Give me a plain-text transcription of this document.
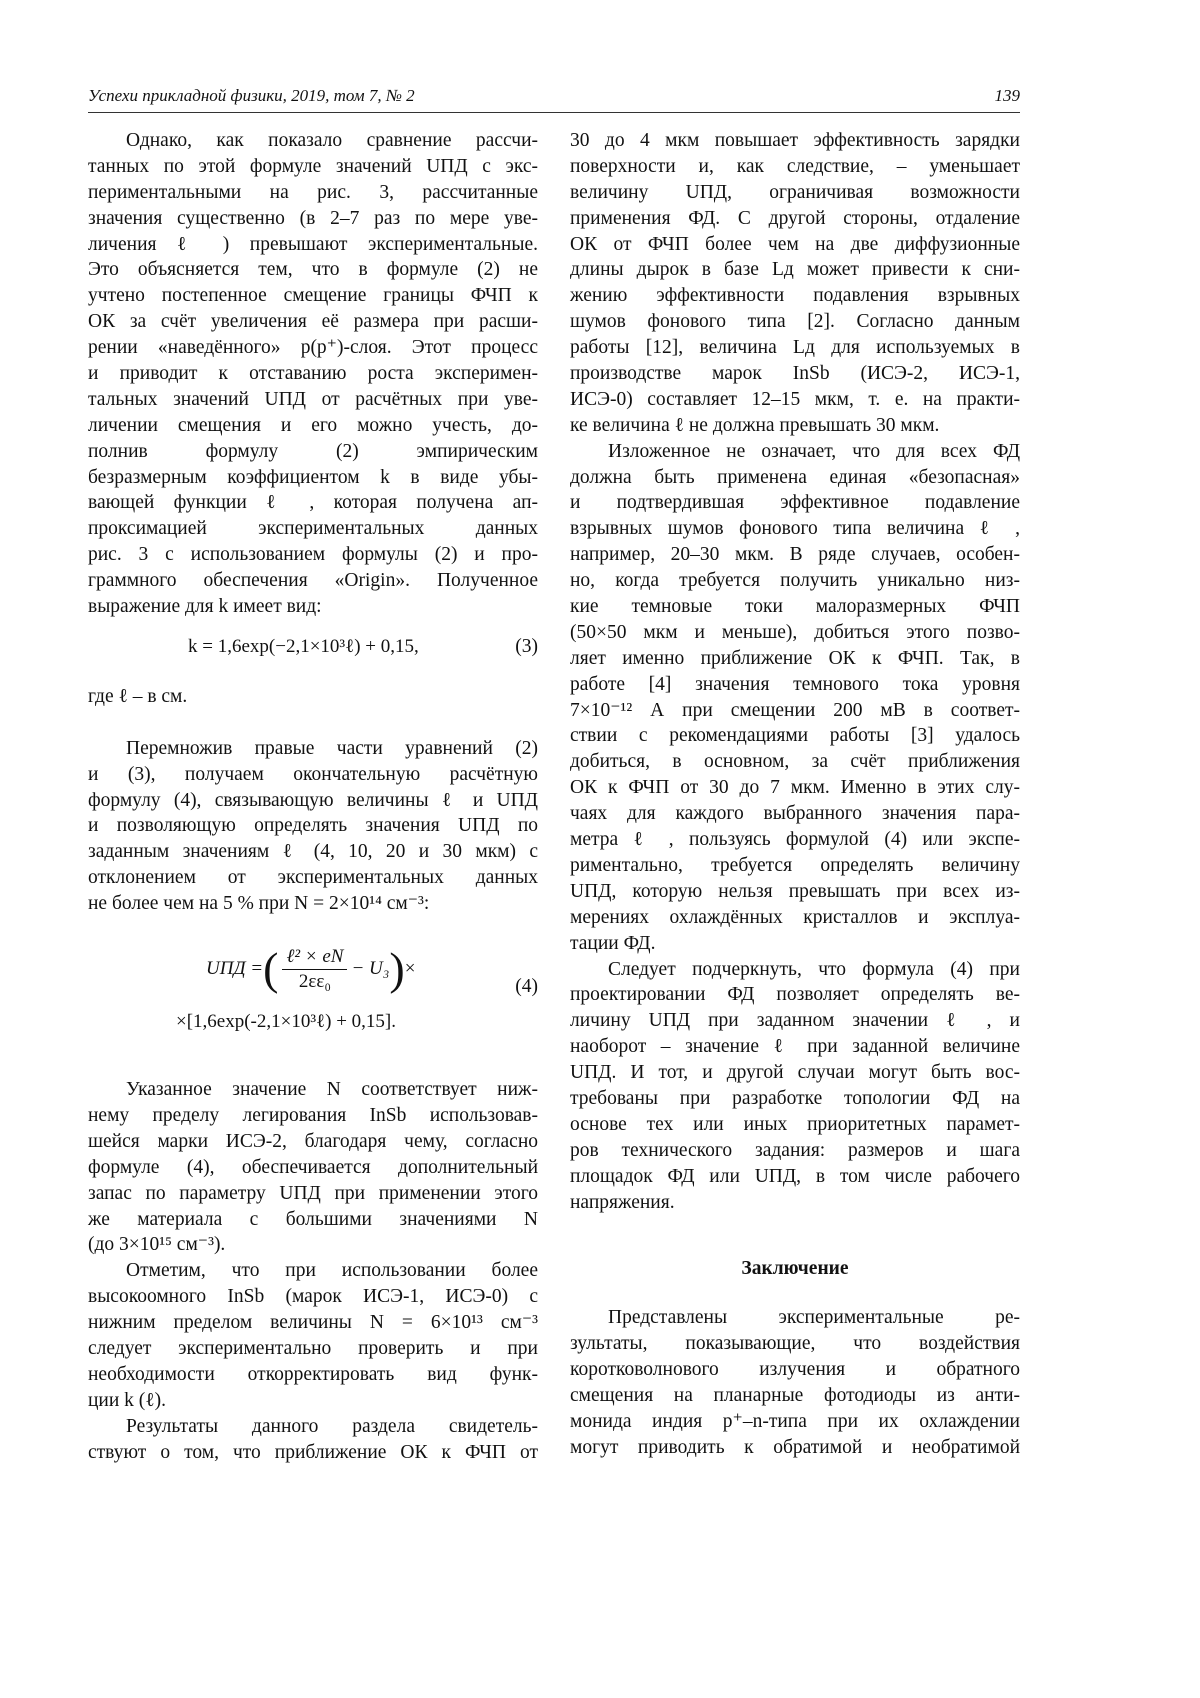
Успехи прикладной физики, 2019, том 7, № 2	139
Однако, как показало сравнение рассчи-
танных по этой формуле значений UПД с экс-
периментальными на рис. 3, рассчитанные
значения существенно (в 2–7 раз по мере уве-
личения ℓ ) превышают экспериментальные.
Это объясняется тем, что в формуле (2) не
учтено постепенное смещение границы ФЧП к
ОК за счёт увеличения её размера при расши-
рении «наведённого» p(p⁺)-слоя. Этот процесс
и приводит к отставанию роста эксперимен-
тальных значений UПД от расчётных при уве-
личении смещения и его можно учесть, до-
полнив формулу (2) эмпирическим
безразмерным коэффициентом k в виде убы-
вающей функции ℓ , которая получена ап-
проксимацией экспериментальных данных
рис. 3 с использованием формулы (2) и про-
граммного обеспечения «Origin». Полученное
выражение для k имеет вид:
k = 1,6exp(−2,1×10³ℓ) + 0,15,	(3)
где ℓ – в см.
Перемножив правые части уравнений (2)
и (3), получаем окончательную расчётную
формулу (4), связывающую величины ℓ и UПД
и позволяющую определять значения UПД по
заданным значениям ℓ (4, 10, 20 и 30 мкм) с
отклонением от экспериментальных данных
не более чем на 5 % при N = 2×10¹⁴ см⁻³:
UПД = ( ℓ² × eN
2εε₀
− U₃ ) ×
×[1,6exp(-2,1×10³ℓ) + 0,15].
(4)
Указанное значение N соответствует ниж-
нему пределу легирования InSb использовав-
шейся марки ИСЭ-2, благодаря чему, согласно
формуле (4), обеспечивается дополнительный
запас по параметру UПД при применении этого
же материала с большими значениями N
(до 3×10¹⁵ см⁻³).
Отметим, что при использовании более
высокоомного InSb (марок ИСЭ-1, ИСЭ-0) с
нижним пределом величины N = 6×10¹³ см⁻³
следует экспериментально проверить и при
необходимости откорректировать вид функ-
ции k (ℓ).
Результаты данного раздела свидетель-
ствуют о том, что приближение ОК к ФЧП от
30 до 4 мкм повышает эффективность зарядки
поверхности и, как следствие, – уменьшает
величину UПД, ограничивая возможности
применения ФД. С другой стороны, отдаление
ОК от ФЧП более чем на две диффузионные
длины дырок в базе Lд может привести к сни-
жению эффективности подавления взрывных
шумов фонового типа [2]. Согласно данным
работы [12], величина Lд для используемых в
производстве марок InSb (ИСЭ-2, ИСЭ-1,
ИСЭ-0) составляет 12–15 мкм, т. е. на практи-
ке величина ℓ не должна превышать 30 мкм.
Изложенное не означает, что для всех ФД
должна быть применена единая «безопасная»
и подтвердившая эффективное подавление
взрывных шумов фонового типа величина ℓ ,
например, 20–30 мкм. В ряде случаев, особен-
но, когда требуется получить уникально низ-
кие темновые токи малоразмерных ФЧП
(50×50 мкм и меньше), добиться этого позво-
ляет именно приближение ОК к ФЧП. Так, в
работе [4] значения темнового тока уровня
7×10⁻¹² А при смещении 200 мВ в соответ-
ствии с рекомендациями работы [3] удалось
добиться, в основном, за счёт приближения
ОК к ФЧП от 30 до 7 мкм. Именно в этих слу-
чаях для каждого выбранного значения пара-
метра ℓ , пользуясь формулой (4) или экспе-
риментально, требуется определять величину
UПД, которую нельзя превышать при всех из-
мерениях охлаждённых кристаллов и эксплуа-
тации ФД.
Следует подчеркнуть, что формула (4) при
проектировании ФД позволяет определять ве-
личину UПД при заданном значении ℓ , и
наоборот – значение ℓ при заданной величине
UПД. И тот, и другой случаи могут быть вос-
требованы при разработке топологии ФД на
основе тех или иных приоритетных парамет-
ров технического задания: размеров и шага
площадок ФД или UПД, в том числе рабочего
напряжения.
Заключение
Представлены экспериментальные ре-
зультаты, показывающие, что воздействия
коротковолнового излучения и обратного
смещения на планарные фотодиоды из анти-
монида индия p⁺–n-типа при их охлаждении
могут приводить к обратимой и необратимой
